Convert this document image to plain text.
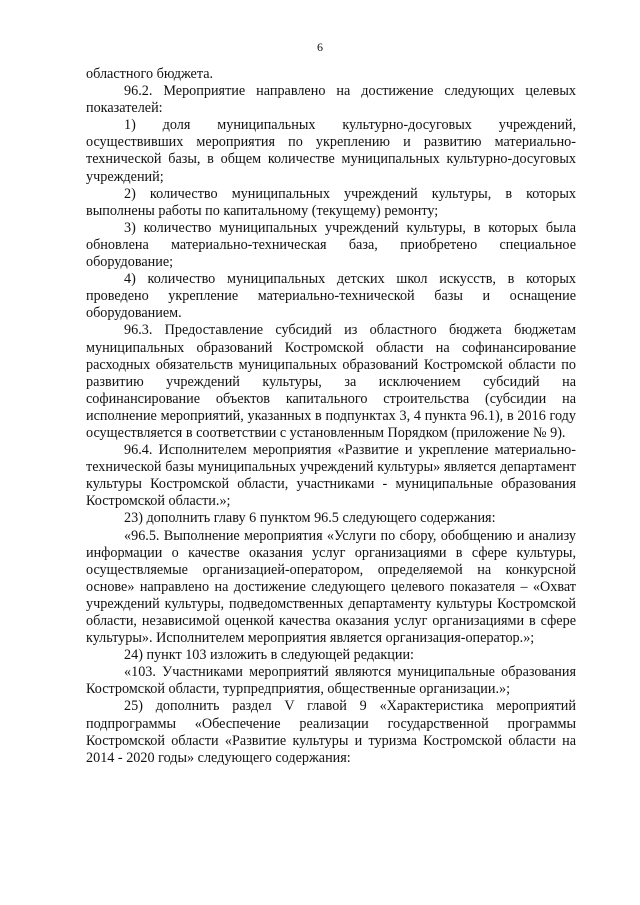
6

областного бюджета.

96.2. Мероприятие направлено на достижение следующих целевых показателей:

1) доля муниципальных культурно-досуговых учреждений, осуществивших мероприятия по укреплению и развитию материально-технической базы, в общем количестве муниципальных культурно-досуговых учреждений;

2) количество муниципальных учреждений культуры, в которых выполнены работы по капитальному (текущему) ремонту;

3) количество муниципальных учреждений культуры, в которых была обновлена материально-техническая база, приобретено специальное оборудование;

4) количество муниципальных детских школ искусств, в которых проведено укрепление материально-технической базы и оснащение оборудованием.

96.3. Предоставление субсидий из областного бюджета бюджетам муниципальных образований Костромской области на софинансирование расходных обязательств муниципальных образований Костромской области по развитию учреждений культуры, за исключением субсидий на софинансирование объектов капитального строительства (субсидии на исполнение мероприятий, указанных в подпунктах 3, 4 пункта 96.1), в 2016 году осуществляется в соответствии с установленным Порядком (приложение № 9).

96.4. Исполнителем мероприятия «Развитие и укрепление материально-технической базы муниципальных учреждений культуры» является департамент культуры Костромской области, участниками - муниципальные образования Костромской области.»;

23) дополнить главу 6 пунктом 96.5 следующего содержания:

«96.5. Выполнение мероприятия «Услуги по сбору, обобщению и анализу информации о качестве оказания услуг организациями в сфере культуры, осуществляемые организацией-оператором, определяемой на конкурсной основе» направлено на достижение следующего целевого показателя – «Охват учреждений культуры, подведомственных департаменту культуры Костромской области, независимой оценкой качества оказания услуг организациями в сфере культуры». Исполнителем мероприятия является организация-оператор.»;

24) пункт 103 изложить в следующей редакции:

«103. Участниками мероприятий являются муниципальные образования Костромской области, турпредприятия, общественные организации.»;

25) дополнить раздел V главой 9 «Характеристика мероприятий подпрограммы «Обеспечение реализации государственной программы Костромской области «Развитие культуры и туризма Костромской области на 2014 - 2020 годы» следующего содержания:
